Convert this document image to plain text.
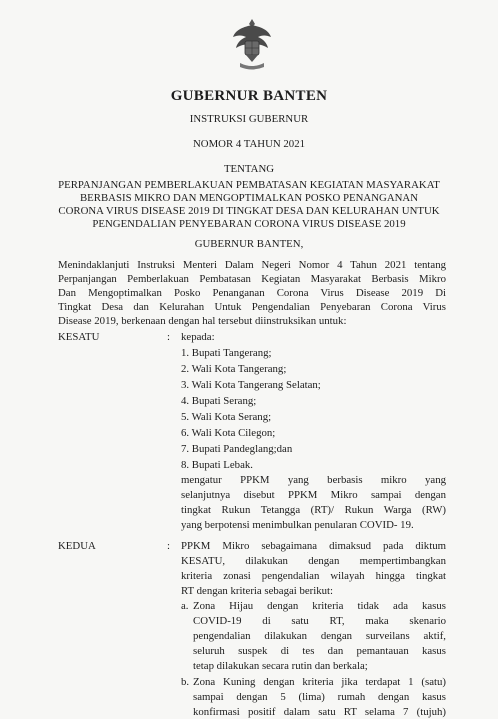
GUBERNUR BANTEN
INSTRUKSI GUBERNUR
NOMOR 4 TAHUN 2021
TENTANG
PERPANJANGAN PEMBERLAKUAN PEMBATASAN KEGIATAN MASYARAKAT
BERBASIS MIKRO DAN MENGOPTIMALKAN POSKO PENANGANAN
CORONA VIRUS DISEASE 2019 DI TINGKAT DESA DAN KELURAHAN UNTUK
PENGENDALIAN PENYEBARAN CORONA VIRUS DISEASE 2019
GUBERNUR BANTEN,
Menindaklanjuti Instruksi Menteri Dalam Negeri Nomor 4 Tahun 2021 tentang
Perpanjangan Pemberlakuan Pembatasan Kegiatan Masyarakat Berbasis Mikro
Dan Mengoptimalkan Posko Penanganan Corona Virus Disease 2019 Di
Tingkat Desa dan Kelurahan Untuk Pengendalian Penyebaran Corona Virus
Disease 2019, berkenaan dengan hal tersebut diinstruksikan untuk:
KESATU	: kepada:
1. Bupati Tangerang;
2. Wali Kota Tangerang;
3. Wali Kota Tangerang Selatan;
4. Bupati Serang;
5. Wali Kota Serang;
6. Wali Kota Cilegon;
7. Bupati Pandeglang;dan
8. Bupati Lebak.
mengatur PPKM yang berbasis mikro yang
selanjutnya disebut PPKM Mikro sampai dengan
tingkat Rukun Tetangga (RT)/ Rukun Warga (RW)
yang berpotensi menimbulkan penularan COVID- 19.
KEDUA	: PPKM Mikro sebagaimana dimaksud pada diktum
KESATU, dilakukan dengan mempertimbangkan
kriteria zonasi pengendalian wilayah hingga tingkat
RT dengan kriteria sebagai berikut:
a. Zona Hijau dengan kriteria tidak ada kasus
COVID-19 di satu RT, maka skenario
pengendalian dilakukan dengan surveilans aktif,
seluruh suspek di tes dan pemantauan kasus
tetap dilakukan secara rutin dan berkala;
b. Zona Kuning dengan kriteria jika terdapat 1 (satu)
sampai dengan 5 (lima) rumah dengan kasus
konfirmasi positif dalam satu RT selama 7 (tujuh)
